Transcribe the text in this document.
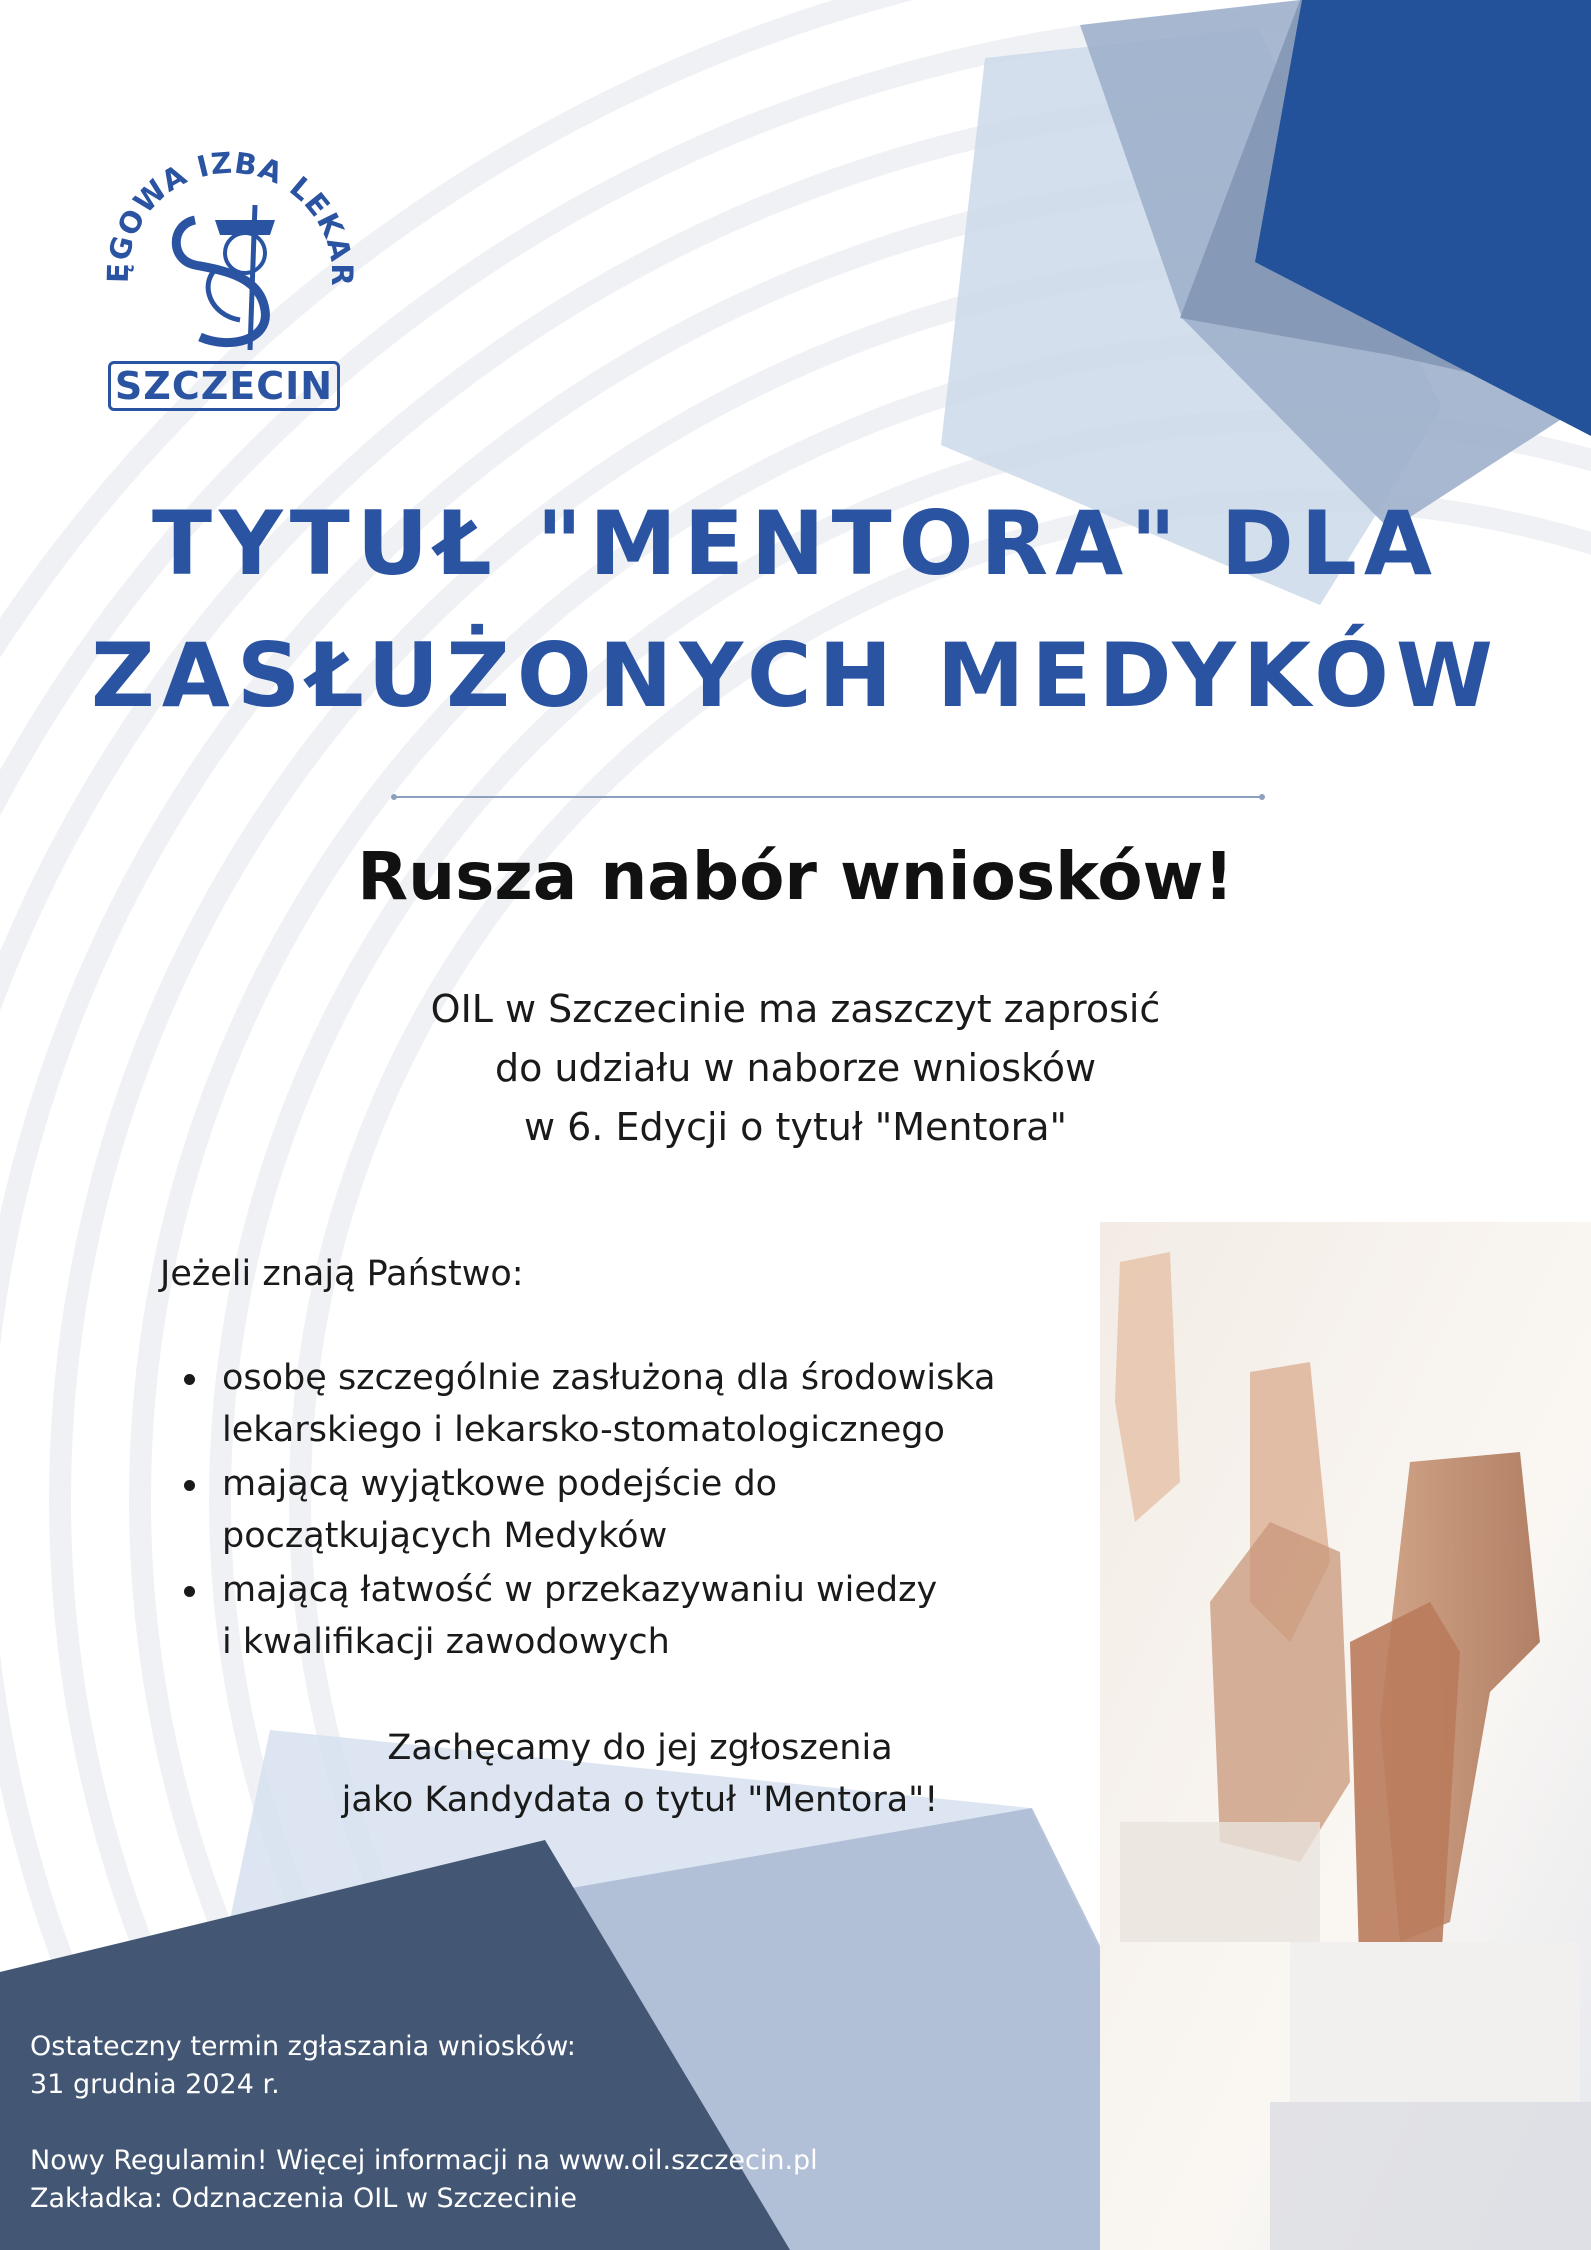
ĘGOWA IZBA LEKAR
SZCZECIN
TYTUŁ "MENTORA" DLA
ZASŁUŻONYCH MEDYKÓW
Rusza nabór wniosków!
OIL w Szczecinie ma zaszczyt zaprosić
do udziału w naborze wniosków
w 6. Edycji o tytuł "Mentora"
Jeżeli znają Państwo:
osobę szczególnie zasłużoną dla środowiska
lekarskiego i lekarsko-stomatologicznego
mającą wyjątkowe podejście do
początkujących Medyków
mającą łatwość w przekazywaniu wiedzy
i kwalifikacji zawodowych
Zachęcamy do jej zgłoszenia
jako Kandydata o tytuł "Mentora"!
Ostateczny termin zgłaszania wniosków:
31 grudnia 2024 r.
Nowy Regulamin! Więcej informacji na www.oil.szczecin.pl
Zakładka: Odznaczenia OIL w Szczecinie
